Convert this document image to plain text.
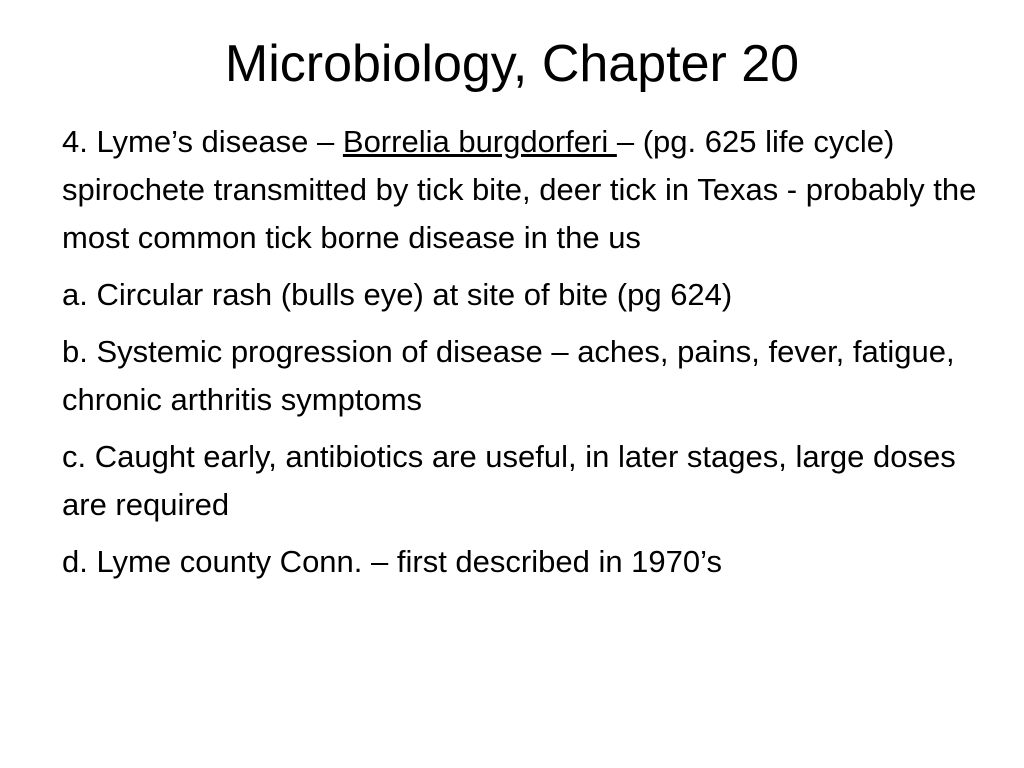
Microbiology, Chapter 20

4. Lyme’s disease – Borrelia burgdorferi – (pg. 625 life cycle) spirochete transmitted by tick bite, deer tick in Texas - probably the most common tick borne disease in the us

a. Circular rash (bulls eye) at site of bite (pg 624)

b. Systemic progression of disease – aches, pains, fever, fatigue, chronic arthritis symptoms

c. Caught early, antibiotics are useful, in later stages, large doses are required

d. Lyme county Conn. – first described in 1970’s
